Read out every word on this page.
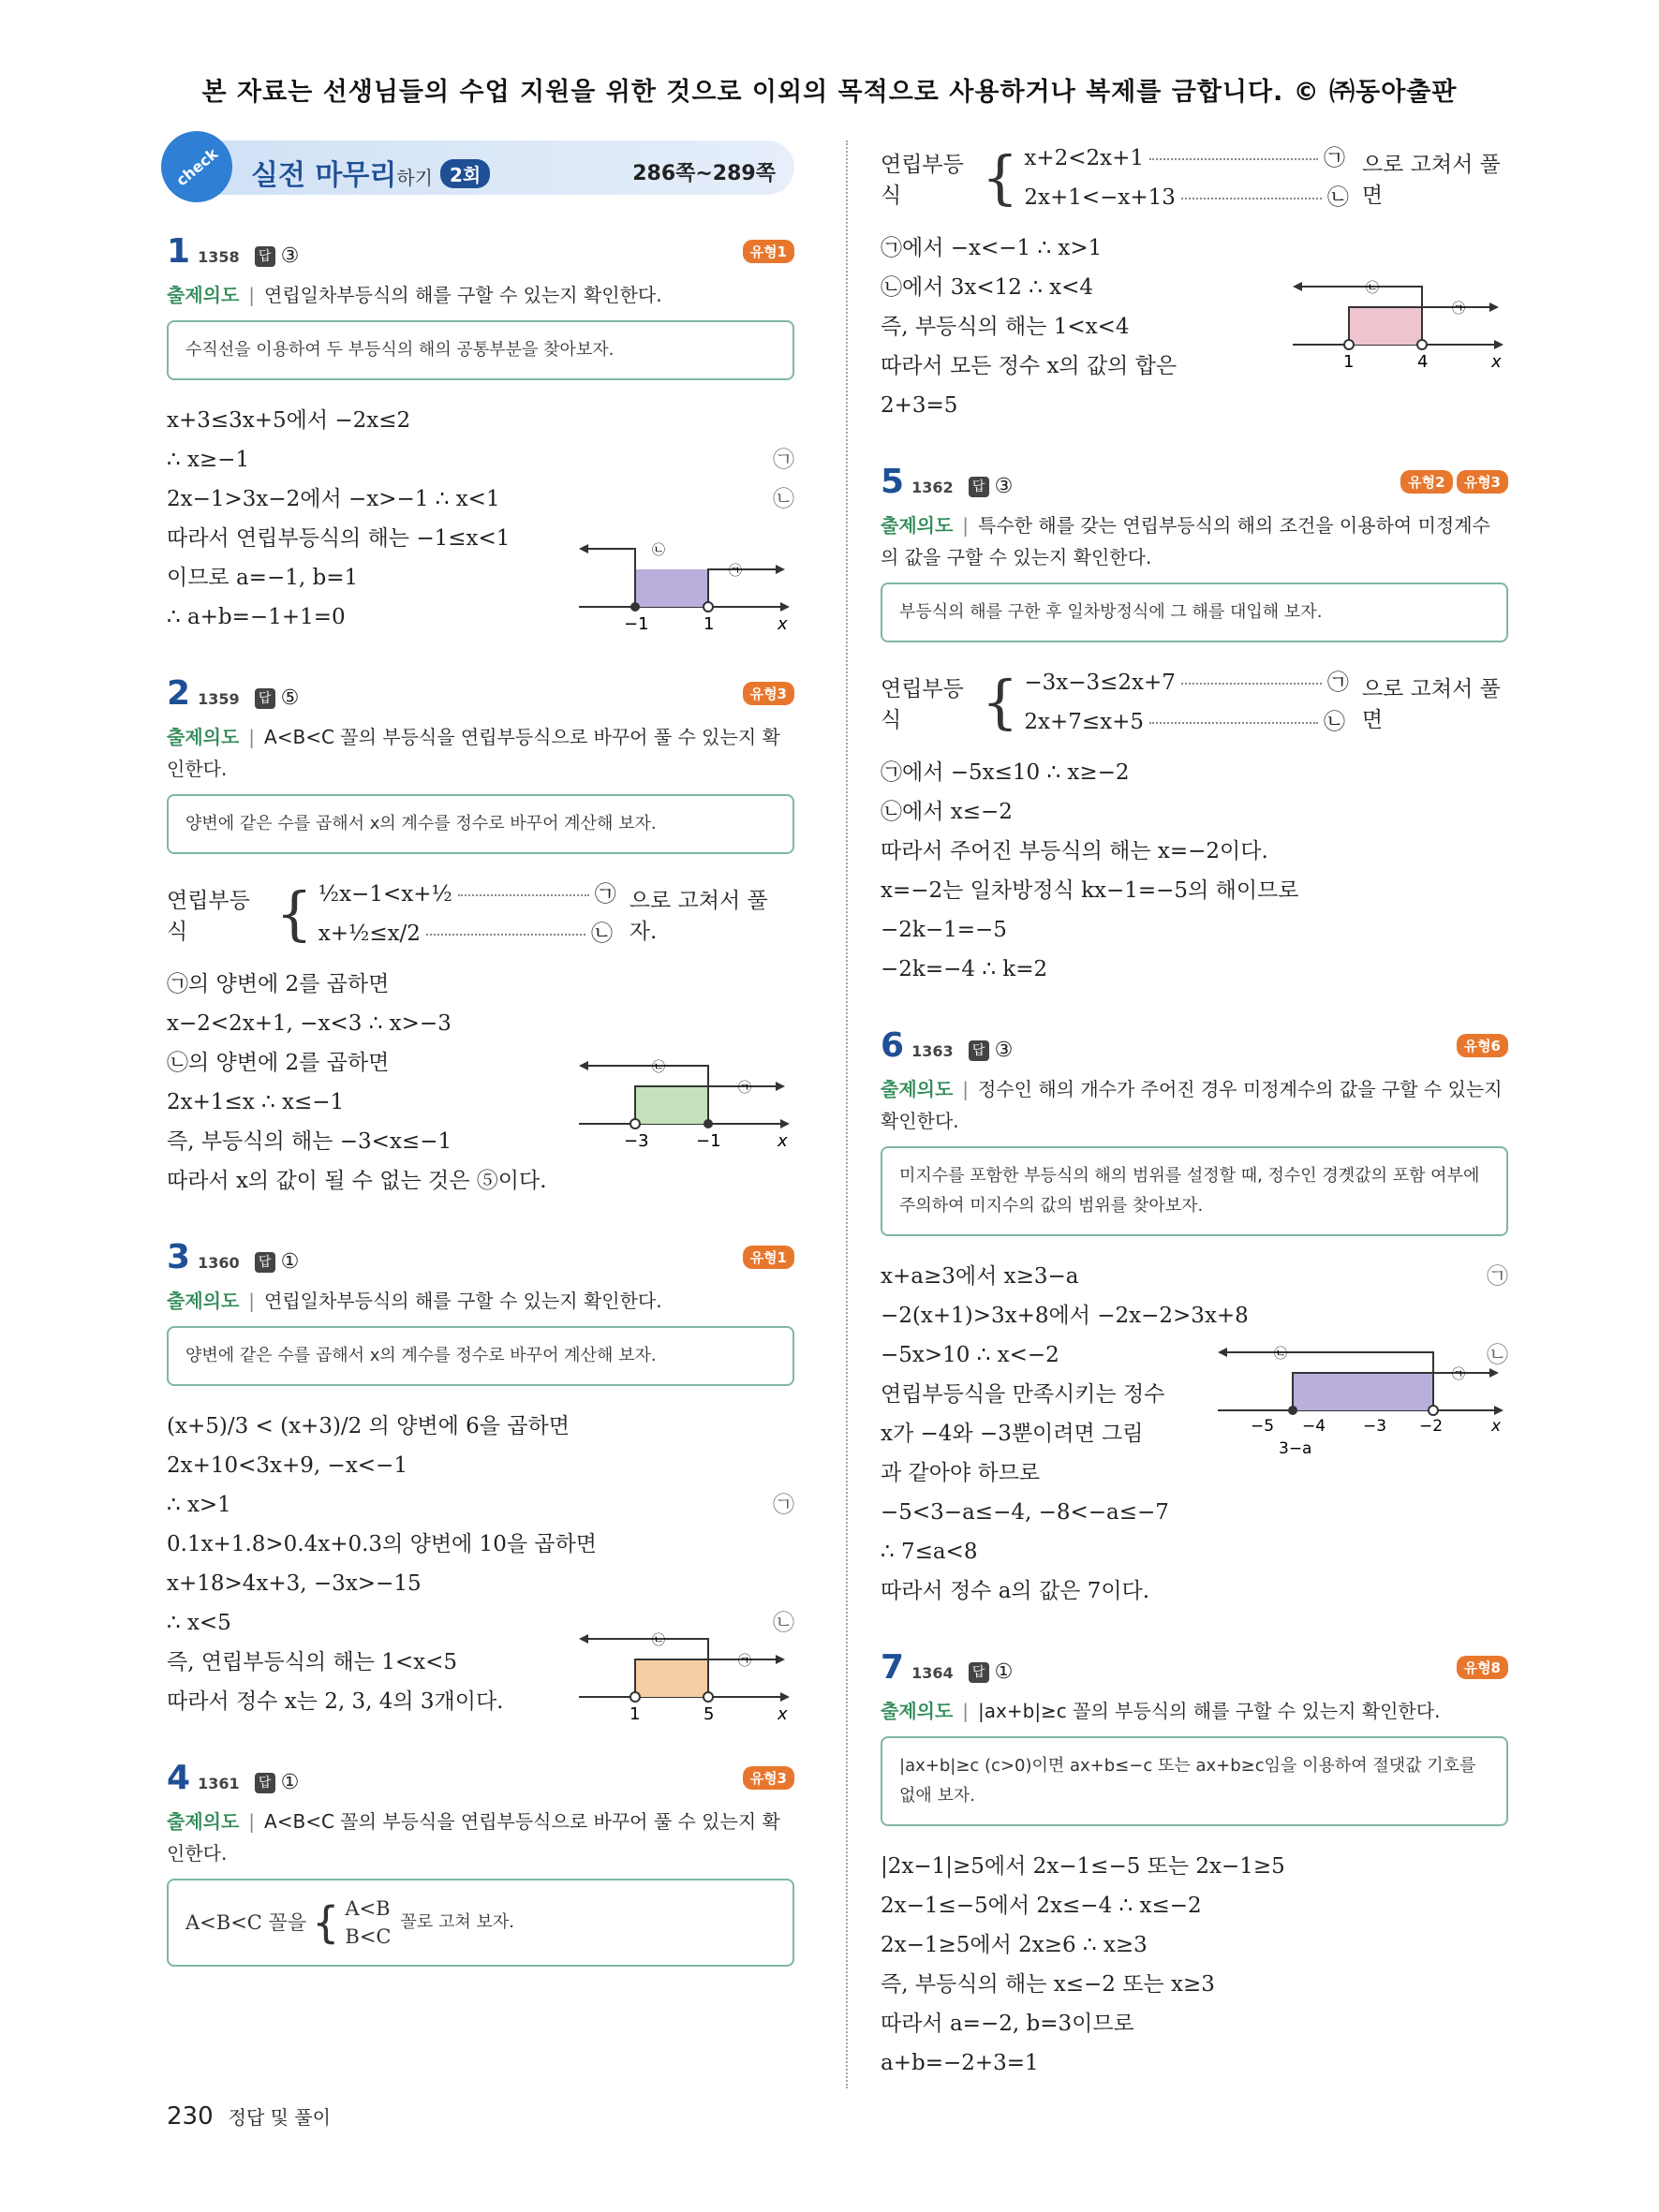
본 자료는 선생님들의 수업 지원을 위한 것으로 이외의 목적으로 사용하거나 복제를 금합니다. © ㈜동아출판
check	실전 마무리하기 2회	286쪽~289쪽
1 1358 답 ③	유형1
출제의도 | 연립일차부등식의 해를 구할 수 있는지 확인한다.
수직선을 이용하여 두 부등식의 해의 공통부분을 찾아보자.
x+3≤3x+5에서 −2x≤2
∴ x≥−1	㉠
2x−1>3x−2에서 −x>−1 ∴ x<1	㉡
따라서 연립부등식의 해는 −1≤x<1
이므로 a=−1, b=1
∴ a+b=−1+1=0
㉡
㉠
−1	1	x
2 1359 답 ⑤	유형3
출제의도 | A<B<C 꼴의 부등식을 연립부등식으로 바꾸어 풀 수 있는지 확인한다.
양변에 같은 수를 곱해서 x의 계수를 정수로 바꾸어 계산해 보자.
연립부등식	{ ½x−1<x+½	㉠
x+½≤x/2	㉡
으로 고쳐서 풀자.
㉠의 양변에 2를 곱하면
x−2<2x+1, −x<3 ∴ x>−3
㉡의 양변에 2를 곱하면
2x+1≤x ∴ x≤−1
즉, 부등식의 해는 −3<x≤−1
따라서 x의 값이 될 수 없는 것은 ⑤이다.
㉡
㉠
−3	−1	x
3 1360 답 ①	유형1
출제의도 | 연립일차부등식의 해를 구할 수 있는지 확인한다.
양변에 같은 수를 곱해서 x의 계수를 정수로 바꾸어 계산해 보자.
(x+5)/3 < (x+3)/2 의 양변에 6을 곱하면
2x+10<3x+9, −x<−1
∴ x>1	㉠
0.1x+1.8>0.4x+0.3의 양변에 10을 곱하면
x+18>4x+3, −3x>−15
∴ x<5	㉡
즉, 연립부등식의 해는 1<x<5
따라서 정수 x는 2, 3, 4의 3개이다.
㉡
㉠
1	5	x
4 1361 답 ①	유형3
출제의도 | A<B<C 꼴의 부등식을 연립부등식으로 바꾸어 풀 수 있는지 확인한다.
A<B<C 꼴을 { A<B
B<C
꼴로 고쳐 보자.
연립부등식	{ x+2<2x+1	㉠
2x+1<−x+13	㉡
으로 고쳐서 풀면
㉠에서 −x<−1 ∴ x>1
㉡에서 3x<12 ∴ x<4
즉, 부등식의 해는 1<x<4
따라서 모든 정수 x의 값의 합은
2+3=5
㉡
㉠
1	4	x
5 1362 답 ③	유형2 유형3
출제의도 | 특수한 해를 갖는 연립부등식의 해의 조건을 이용하여 미정계수의 값을 구할 수 있는지 확인한다.
부등식의 해를 구한 후 일차방정식에 그 해를 대입해 보자.
연립부등식	{ −3x−3≤2x+7	㉠
2x+7≤x+5	㉡
으로 고쳐서 풀면
㉠에서 −5x≤10 ∴ x≥−2
㉡에서 x≤−2
따라서 주어진 부등식의 해는 x=−2이다.
x=−2는 일차방정식 kx−1=−5의 해이므로
−2k−1=−5
−2k=−4 ∴ k=2
6 1363 답 ③	유형6
출제의도 | 정수인 해의 개수가 주어진 경우 미정계수의 값을 구할 수 있는지 확인한다.
미지수를 포함한 부등식의 해의 범위를 설정할 때, 정수인 경곗값의 포함 여부에 주의하여 미지수의 값의 범위를 찾아보자.
x+a≥3에서 x≥3−a	㉠
−2(x+1)>3x+8에서 −2x−2>3x+8
−5x>10 ∴ x<−2	㉡
연립부등식을 만족시키는 정수
x가 −4와 −3뿐이려면 그림
과 같아야 하므로
−5<3−a≤−4, −8<−a≤−7
∴ 7≤a<8
따라서 정수 a의 값은 7이다.
㉡
㉠
−5 −4 −3 −2	x
3−a
7 1364 답 ①	유형8
출제의도 | |ax+b|≥c 꼴의 부등식의 해를 구할 수 있는지 확인한다.
|ax+b|≥c (c>0)이면 ax+b≤−c 또는 ax+b≥c임을 이용하여 절댓값 기호를 없애 보자.
|2x−1|≥5에서 2x−1≤−5 또는 2x−1≥5
2x−1≤−5에서 2x≤−4 ∴ x≤−2
2x−1≥5에서 2x≥6 ∴ x≥3
즉, 부등식의 해는 x≤−2 또는 x≥3
따라서 a=−2, b=3이므로
a+b=−2+3=1
230 정답 및 풀이
